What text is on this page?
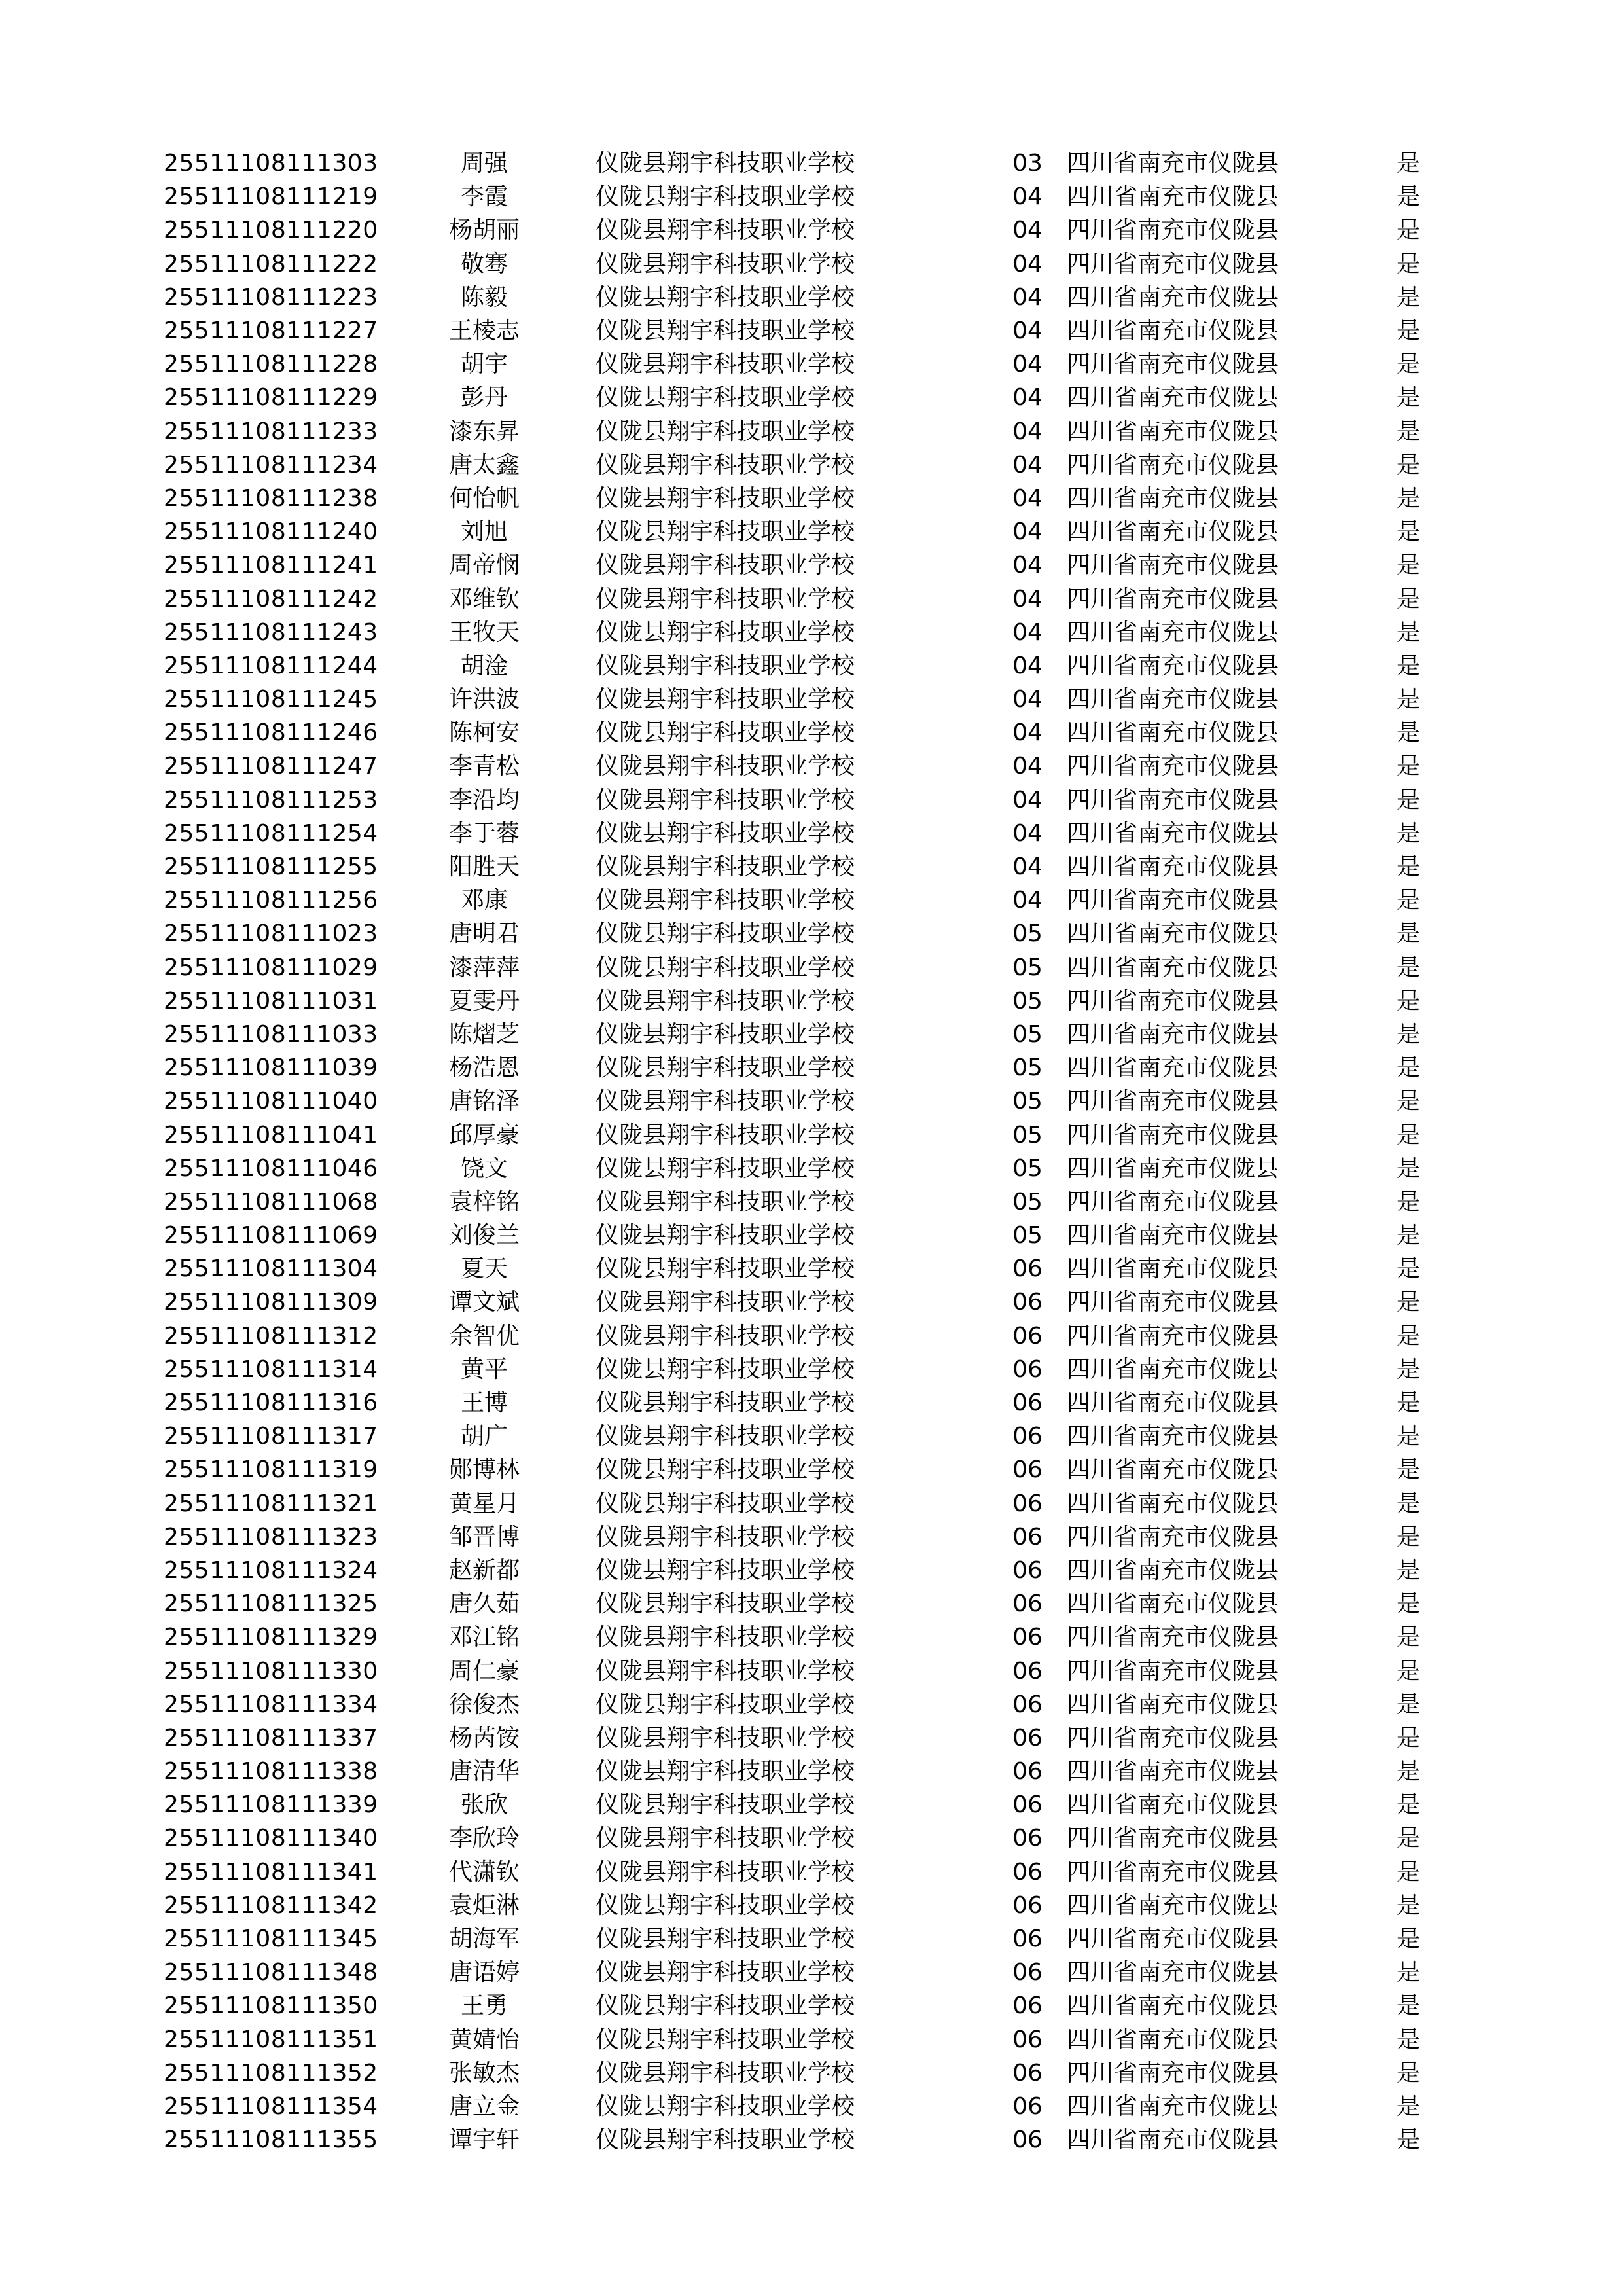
25511108111303	周强	仪陇县翔宇科技职业学校	03	四川省南充市仪陇县	是
25511108111219	李霞	仪陇县翔宇科技职业学校	04	四川省南充市仪陇县	是
25511108111220	杨胡丽	仪陇县翔宇科技职业学校	04	四川省南充市仪陇县	是
25511108111222	敬骞	仪陇县翔宇科技职业学校	04	四川省南充市仪陇县	是
25511108111223	陈毅	仪陇县翔宇科技职业学校	04	四川省南充市仪陇县	是
25511108111227	王棱志	仪陇县翔宇科技职业学校	04	四川省南充市仪陇县	是
25511108111228	胡宇	仪陇县翔宇科技职业学校	04	四川省南充市仪陇县	是
25511108111229	彭丹	仪陇县翔宇科技职业学校	04	四川省南充市仪陇县	是
25511108111233	漆东昇	仪陇县翔宇科技职业学校	04	四川省南充市仪陇县	是
25511108111234	唐太鑫	仪陇县翔宇科技职业学校	04	四川省南充市仪陇县	是
25511108111238	何怡帆	仪陇县翔宇科技职业学校	04	四川省南充市仪陇县	是
25511108111240	刘旭	仪陇县翔宇科技职业学校	04	四川省南充市仪陇县	是
25511108111241	周帝悯	仪陇县翔宇科技职业学校	04	四川省南充市仪陇县	是
25511108111242	邓维钦	仪陇县翔宇科技职业学校	04	四川省南充市仪陇县	是
25511108111243	王牧天	仪陇县翔宇科技职业学校	04	四川省南充市仪陇县	是
25511108111244	胡淦	仪陇县翔宇科技职业学校	04	四川省南充市仪陇县	是
25511108111245	许洪波	仪陇县翔宇科技职业学校	04	四川省南充市仪陇县	是
25511108111246	陈柯安	仪陇县翔宇科技职业学校	04	四川省南充市仪陇县	是
25511108111247	李青松	仪陇县翔宇科技职业学校	04	四川省南充市仪陇县	是
25511108111253	李沿均	仪陇县翔宇科技职业学校	04	四川省南充市仪陇县	是
25511108111254	李于蓉	仪陇县翔宇科技职业学校	04	四川省南充市仪陇县	是
25511108111255	阳胜天	仪陇县翔宇科技职业学校	04	四川省南充市仪陇县	是
25511108111256	邓康	仪陇县翔宇科技职业学校	04	四川省南充市仪陇县	是
25511108111023	唐明君	仪陇县翔宇科技职业学校	05	四川省南充市仪陇县	是
25511108111029	漆萍萍	仪陇县翔宇科技职业学校	05	四川省南充市仪陇县	是
25511108111031	夏雯丹	仪陇县翔宇科技职业学校	05	四川省南充市仪陇县	是
25511108111033	陈熠芝	仪陇县翔宇科技职业学校	05	四川省南充市仪陇县	是
25511108111039	杨浩恩	仪陇县翔宇科技职业学校	05	四川省南充市仪陇县	是
25511108111040	唐铭泽	仪陇县翔宇科技职业学校	05	四川省南充市仪陇县	是
25511108111041	邱厚豪	仪陇县翔宇科技职业学校	05	四川省南充市仪陇县	是
25511108111046	饶文	仪陇县翔宇科技职业学校	05	四川省南充市仪陇县	是
25511108111068	袁梓铭	仪陇县翔宇科技职业学校	05	四川省南充市仪陇县	是
25511108111069	刘俊兰	仪陇县翔宇科技职业学校	05	四川省南充市仪陇县	是
25511108111304	夏天	仪陇县翔宇科技职业学校	06	四川省南充市仪陇县	是
25511108111309	谭文斌	仪陇县翔宇科技职业学校	06	四川省南充市仪陇县	是
25511108111312	余智优	仪陇县翔宇科技职业学校	06	四川省南充市仪陇县	是
25511108111314	黄平	仪陇县翔宇科技职业学校	06	四川省南充市仪陇县	是
25511108111316	王博	仪陇县翔宇科技职业学校	06	四川省南充市仪陇县	是
25511108111317	胡广	仪陇县翔宇科技职业学校	06	四川省南充市仪陇县	是
25511108111319	郧博林	仪陇县翔宇科技职业学校	06	四川省南充市仪陇县	是
25511108111321	黄星月	仪陇县翔宇科技职业学校	06	四川省南充市仪陇县	是
25511108111323	邹晋博	仪陇县翔宇科技职业学校	06	四川省南充市仪陇县	是
25511108111324	赵新都	仪陇县翔宇科技职业学校	06	四川省南充市仪陇县	是
25511108111325	唐久茹	仪陇县翔宇科技职业学校	06	四川省南充市仪陇县	是
25511108111329	邓江铭	仪陇县翔宇科技职业学校	06	四川省南充市仪陇县	是
25511108111330	周仁豪	仪陇县翔宇科技职业学校	06	四川省南充市仪陇县	是
25511108111334	徐俊杰	仪陇县翔宇科技职业学校	06	四川省南充市仪陇县	是
25511108111337	杨芮铵	仪陇县翔宇科技职业学校	06	四川省南充市仪陇县	是
25511108111338	唐清华	仪陇县翔宇科技职业学校	06	四川省南充市仪陇县	是
25511108111339	张欣	仪陇县翔宇科技职业学校	06	四川省南充市仪陇县	是
25511108111340	李欣玲	仪陇县翔宇科技职业学校	06	四川省南充市仪陇县	是
25511108111341	代潇钦	仪陇县翔宇科技职业学校	06	四川省南充市仪陇县	是
25511108111342	袁炬淋	仪陇县翔宇科技职业学校	06	四川省南充市仪陇县	是
25511108111345	胡海军	仪陇县翔宇科技职业学校	06	四川省南充市仪陇县	是
25511108111348	唐语婷	仪陇县翔宇科技职业学校	06	四川省南充市仪陇县	是
25511108111350	王勇	仪陇县翔宇科技职业学校	06	四川省南充市仪陇县	是
25511108111351	黄婧怡	仪陇县翔宇科技职业学校	06	四川省南充市仪陇县	是
25511108111352	张敏杰	仪陇县翔宇科技职业学校	06	四川省南充市仪陇县	是
25511108111354	唐立金	仪陇县翔宇科技职业学校	06	四川省南充市仪陇县	是
25511108111355	谭宇轩	仪陇县翔宇科技职业学校	06	四川省南充市仪陇县	是
